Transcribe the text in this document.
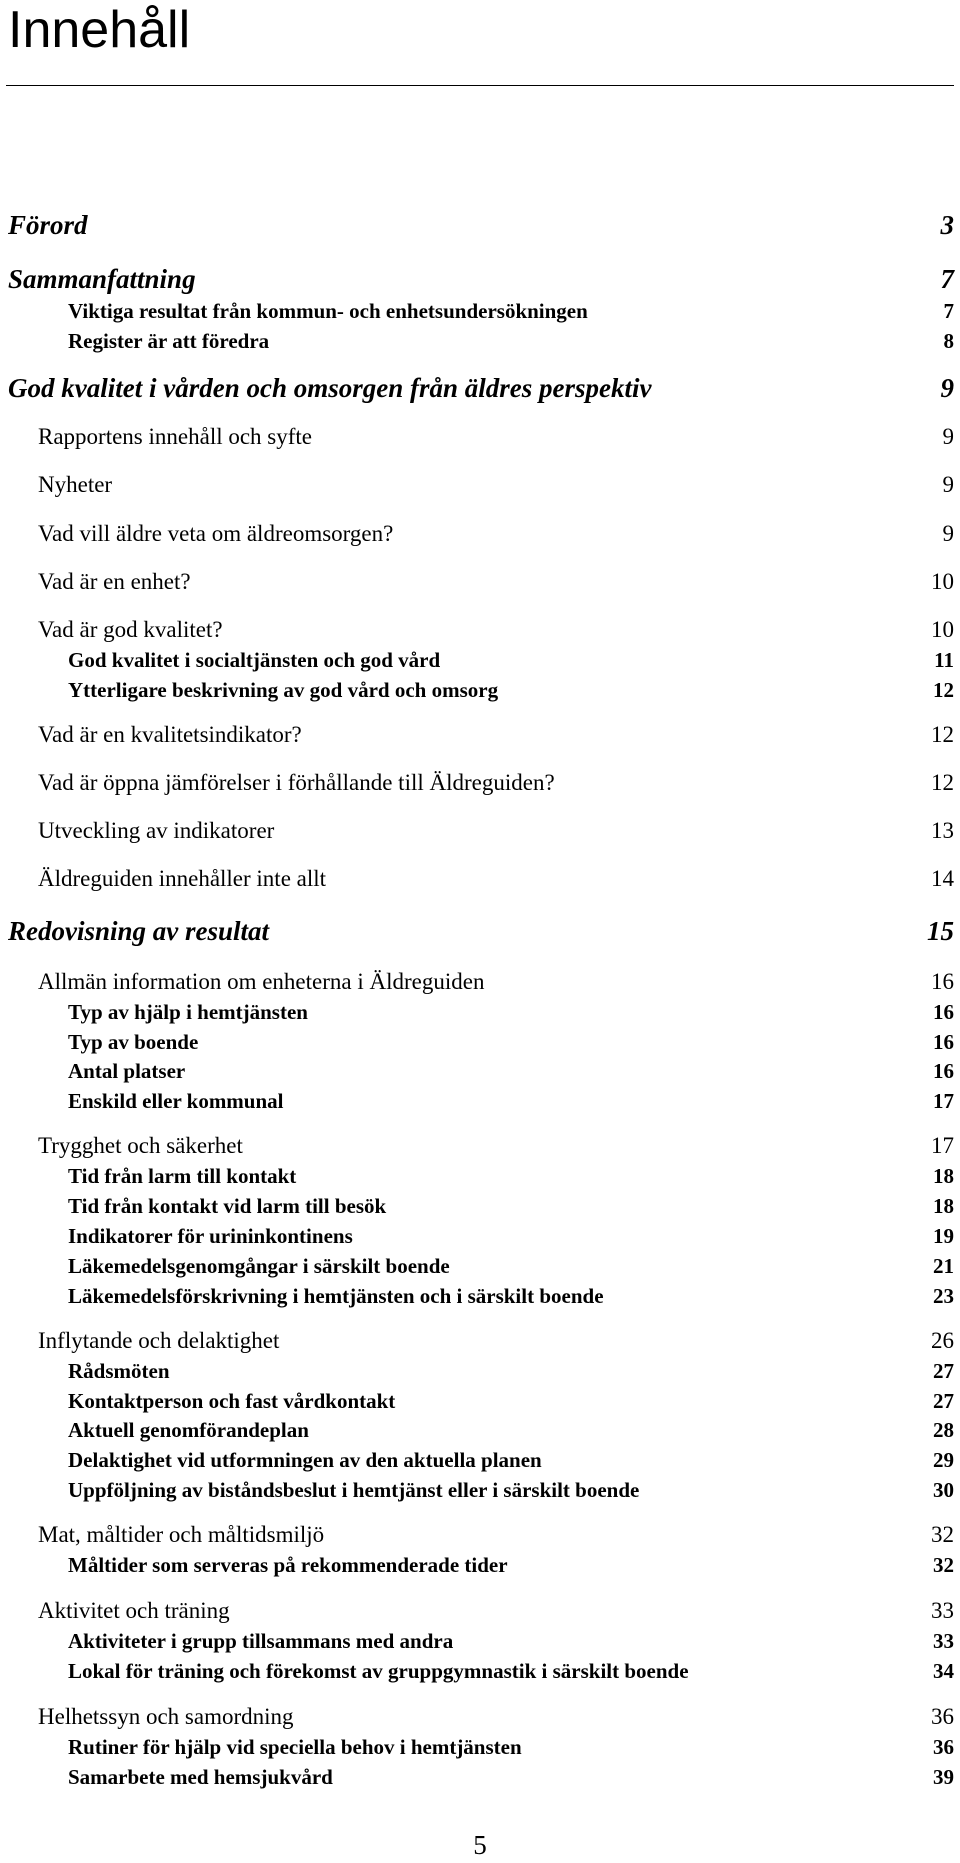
Innehåll
Förord	3
Sammanfattning	7
Viktiga resultat från kommun- och enhetsundersökningen	7
Register är att föredra	8
God kvalitet i vården och omsorgen från äldres perspektiv	9
Rapportens innehåll och syfte	9
Nyheter	9
Vad vill äldre veta om äldreomsorgen?	9
Vad är en enhet?	10
Vad är god kvalitet?	10
God kvalitet i socialtjänsten och god vård	11
Ytterligare beskrivning av god vård och omsorg	12
Vad är en kvalitetsindikator?	12
Vad är öppna jämförelser i förhållande till Äldreguiden?	12
Utveckling av indikatorer	13
Äldreguiden innehåller inte allt	14
Redovisning av resultat	15
Allmän information om enheterna i Äldreguiden	16
Typ av hjälp i hemtjänsten	16
Typ av boende	16
Antal platser	16
Enskild eller kommunal	17
Trygghet och säkerhet	17
Tid från larm till kontakt	18
Tid från kontakt vid larm till besök	18
Indikatorer för urininkontinens	19
Läkemedelsgenomgångar i särskilt boende	21
Läkemedelsförskrivning i hemtjänsten och i särskilt boende	23
Inflytande och delaktighet	26
Rådsmöten	27
Kontaktperson och fast vårdkontakt	27
Aktuell genomförandeplan	28
Delaktighet vid utformningen av den aktuella planen	29
Uppföljning av biståndsbeslut i hemtjänst eller i särskilt boende	30
Mat, måltider och måltidsmiljö	32
Måltider som serveras på rekommenderade tider	32
Aktivitet och träning	33
Aktiviteter i grupp tillsammans med andra	33
Lokal för träning och förekomst av gruppgymnastik i särskilt boende	34
Helhetssyn och samordning	36
Rutiner för hjälp vid speciella behov i hemtjänsten	36
Samarbete med hemsjukvård	39
5
